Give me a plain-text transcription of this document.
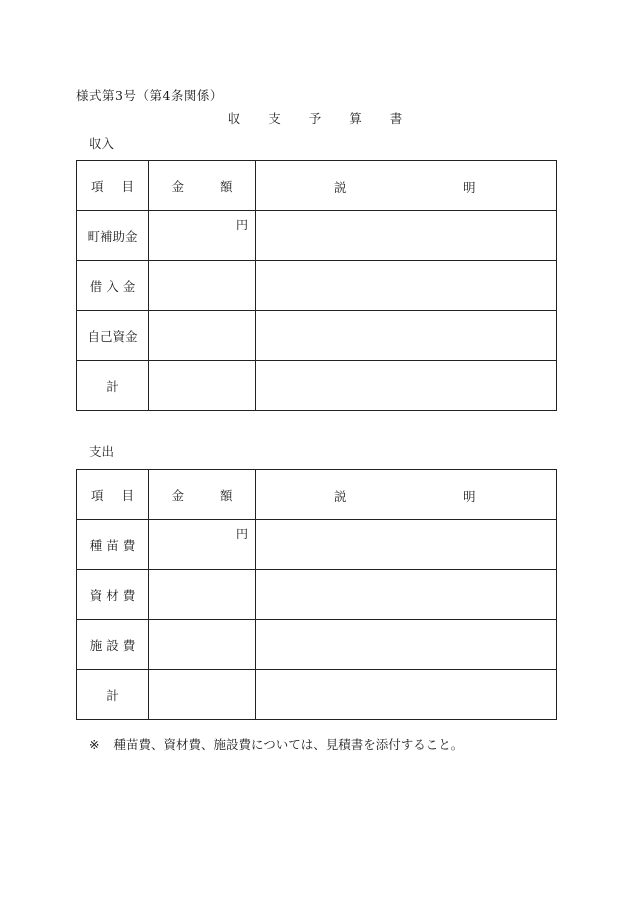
様式第3号（第4条関係）
収 支 予 算 書
収入
項 目	金 額	説 明

町補助金	円	

借 入 金		
自己資金		
計		
支出
項 目	金 額	説 明

種 苗 費	円	

資 材 費		
施 設 費		
計		
※ 種苗費、資材費、施設費については、見積書を添付すること。
